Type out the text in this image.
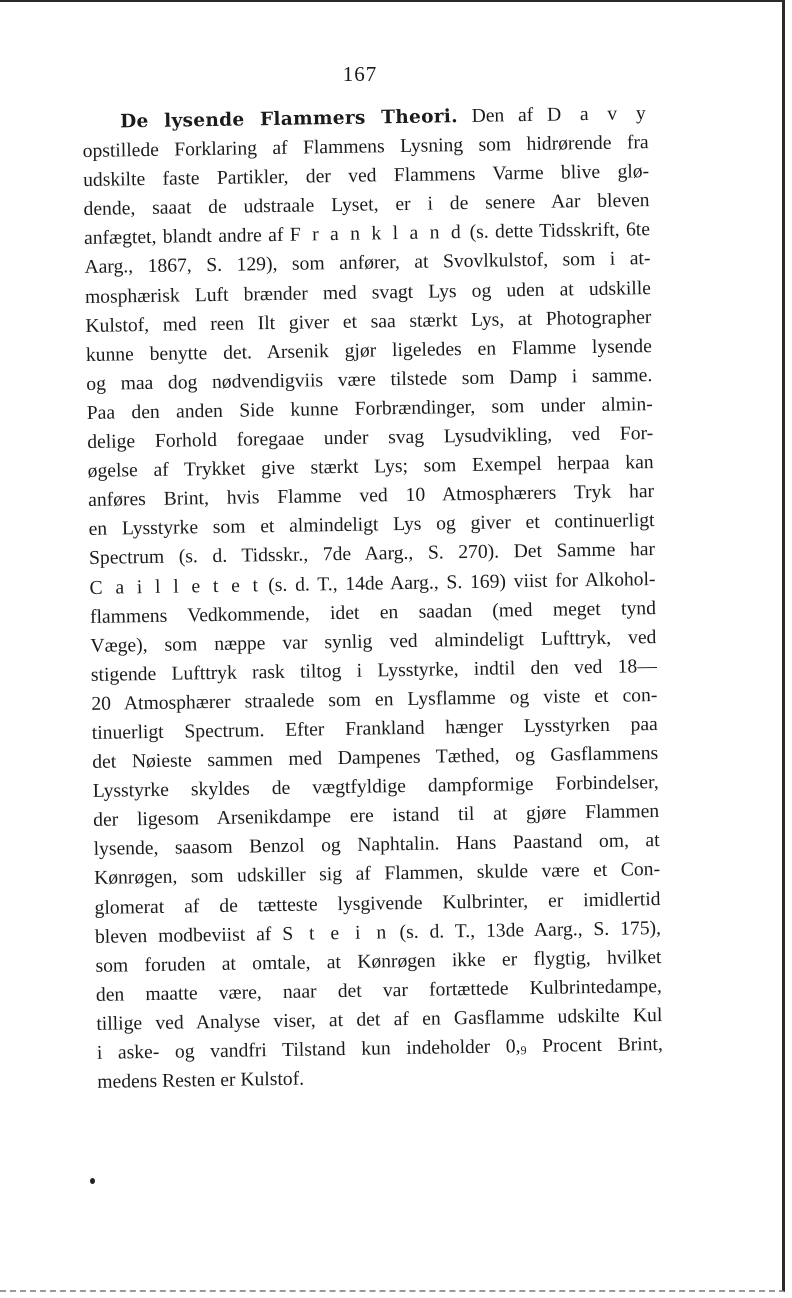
167
De lysende Flammers Theori. Den af D a v y
opstillede Forklaring af Flammens Lysning som hidrørende fra
udskilte faste Partikler, der ved Flammens Varme blive glø-
dende, saaat de udstraale Lyset, er i de senere Aar bleven
anfægtet, blandt andre af F r a n k l a n d (s. dette Tidsskrift, 6te
Aarg., 1867, S. 129), som anfører, at Svovlkulstof, som i at-
mosphærisk Luft brænder med svagt Lys og uden at udskille
Kulstof, med reen Ilt giver et saa stærkt Lys, at Photographer
kunne benytte det. Arsenik gjør ligeledes en Flamme lysende
og maa dog nødvendigviis være tilstede som Damp i samme.
Paa den anden Side kunne Forbrændinger, som under almin-
delige Forhold foregaae under svag Lysudvikling, ved For-
øgelse af Trykket give stærkt Lys; som Exempel herpaa kan
anføres Brint, hvis Flamme ved 10 Atmosphærers Tryk har
en Lysstyrke som et almindeligt Lys og giver et continuerligt
Spectrum (s. d. Tidsskr., 7de Aarg., S. 270). Det Samme har
C a i l l e t e t (s. d. T., 14de Aarg., S. 169) viist for Alkohol-
flammens Vedkommende, idet en saadan (med meget tynd
Væge), som næppe var synlig ved almindeligt Lufttryk, ved
stigende Lufttryk rask tiltog i Lysstyrke, indtil den ved 18—
20 Atmosphærer straalede som en Lysflamme og viste et con-
tinuerligt Spectrum. Efter Frankland hænger Lysstyrken paa
det Nøieste sammen med Dampenes Tæthed, og Gasflammens
Lysstyrke skyldes de vægtfyldige dampformige Forbindelser,
der ligesom Arsenikdampe ere istand til at gjøre Flammen
lysende, saasom Benzol og Naphtalin. Hans Paastand om, at
Kønrøgen, som udskiller sig af Flammen, skulde være et Con-
glomerat af de tætteste lysgivende Kulbrinter, er imidlertid
bleven modbeviist af S t e i n (s. d. T., 13de Aarg., S. 175),
som foruden at omtale, at Kønrøgen ikke er flygtig, hvilket
den maatte være, naar det var fortættede Kulbrintedampe,
tillige ved Analyse viser, at det af en Gasflamme udskilte Kul
i aske- og vandfri Tilstand kun indeholder 0,9 Procent Brint,
medens Resten er Kulstof.
